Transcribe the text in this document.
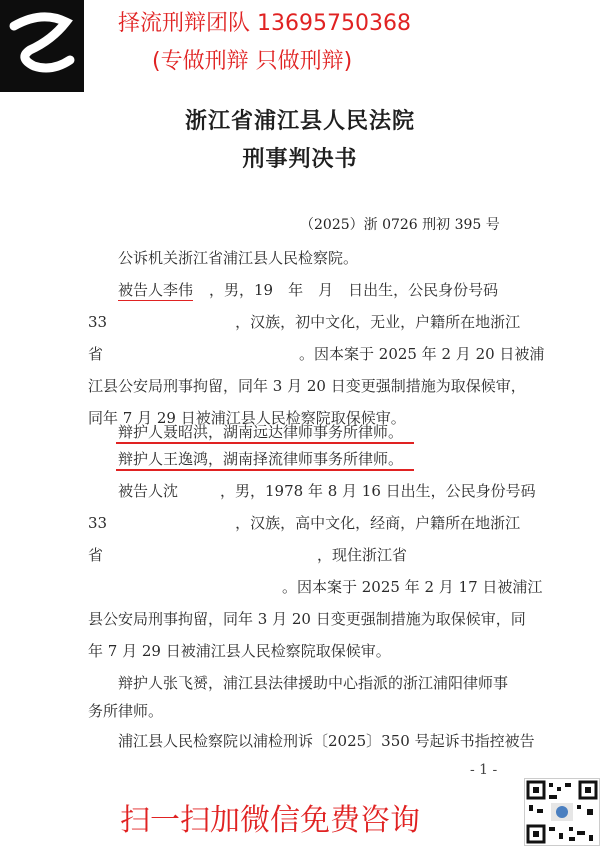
择流刑辩团队 13695750368
(专做刑辩 只做刑辩)
浙江省浦江县人民法院
刑事判决书
（2025）浙 0726 刑初 395 号
公诉机关浙江省浦江县人民检察院。
被告人李伟 ，男，19　年　月　日出生，公民身份号码
33	，汉族，初中文化，无业，户籍所在地浙江
省	。因本案于 2025 年 2 月 20 日被浦
江县公安局刑事拘留，同年 3 月 20 日变更强制措施为取保候审，
同年 7 月 29 日被浦江县人民检察院取保候审。
辩护人聂昭洪，湖南远达律师事务所律师。
辩护人王逸鸿，湖南择流律师事务所律师。
被告人沈	，男，1978 年 8 月 16 日出生，公民身份号码
33	，汉族，高中文化，经商，户籍所在地浙江
省	，现住浙江省
。因本案于 2025 年 2 月 17 日被浦江
县公安局刑事拘留，同年 3 月 20 日变更强制措施为取保候审，同
年 7 月 29 日被浦江县人民检察院取保候审。
辩护人张飞赟，浦江县法律援助中心指派的浙江浦阳律师事
务所律师。
浦江县人民检察院以浦检刑诉〔2025〕350 号起诉书指控被告
- 1 -
扫一扫加微信免费咨询
